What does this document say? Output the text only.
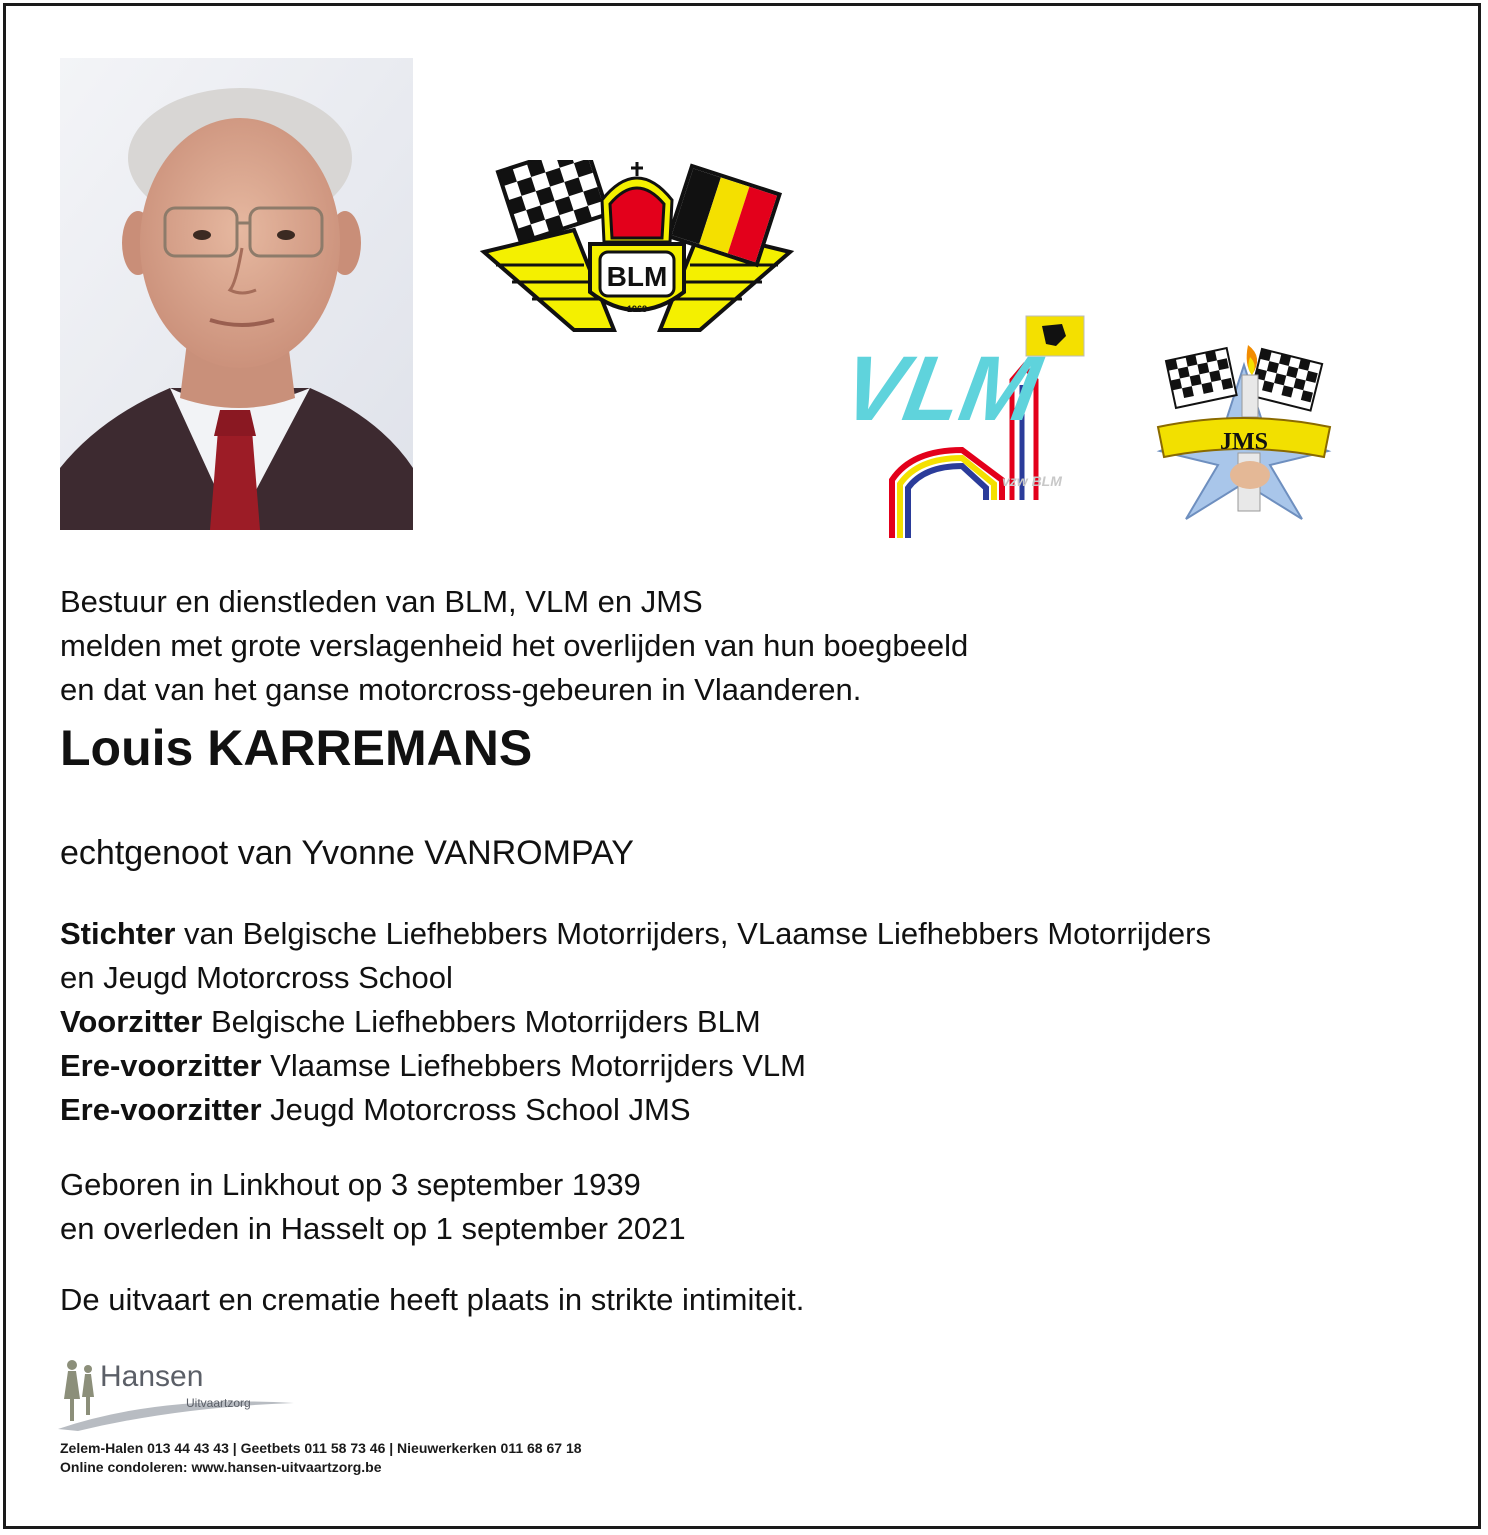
BLM
1968
VLM
vzw BLM
JMS
Bestuur en dienstleden van BLM, VLM en JMS
melden met grote verslagenheid het overlijden van hun boegbeeld
en dat van het ganse motorcross-gebeuren in Vlaanderen.
Louis KARREMANS
echtgenoot van Yvonne VANROMPAY
Stichter van Belgische Liefhebbers Motorrijders, VLaamse Liefhebbers Motorrijders
en Jeugd Motorcross School
Voorzitter Belgische Liefhebbers Motorrijders BLM
Ere-voorzitter Vlaamse Liefhebbers Motorrijders VLM
Ere-voorzitter Jeugd Motorcross School JMS
Geboren in Linkhout op 3 september 1939
en overleden in Hasselt op 1 september 2021
De uitvaart en crematie heeft plaats in strikte intimiteit.
Hansen
Uitvaartzorg
Zelem-Halen 013 44 43 43 | Geetbets 011 58 73 46 | Nieuwerkerken 011 68 67 18
Online condoleren: www.hansen-uitvaartzorg.be
